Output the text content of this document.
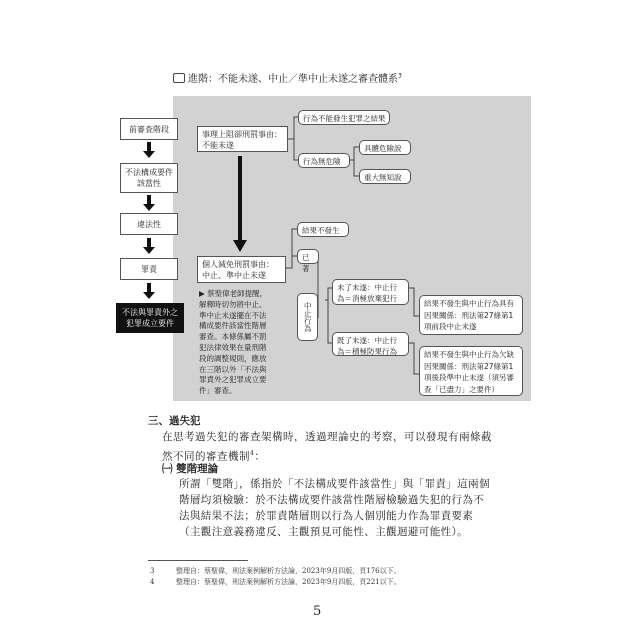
進階：不能未遂、中止／準中止未遂之審查體系$^3$
前審查階段
不法構成要件該當性
違法性
罪責
不法與罪責外之犯罪成立要件
事理上阻卻刑罰事由：不能未遂
行為不能發生犯罪之結果
行為無危險
具體危險說
重大無知說
個人減免刑罰事由：中止、準中止未遂
▶ 蔡聖偉老師提醒，解釋時切勿將中止、準中止未遂擺在不法構成要件該當性階層審查。本條係屬不罰犯法律效果在量刑階段的調整規則，應放在三階以外「不法與罪責外之犯罪成立要件」審查。
結果不發生
已著
中止行為
未了未遂：中止行為＝消極放棄犯行
既了未遂：中止行為＝積極防果行為
結果不發生與中止行為具有因果關係：刑法第27條第1項前段中止未遂
結果不發生與中止行為欠缺因果關係：刑法第27條第1項後段準中止未遂（須另審查「已盡力」之要件）
三、過失犯
在思考過失犯的審查架構時，透過理論史的考察，可以發現有兩條截然不同的審查機制$^4$：
㈠ 雙階理論
所謂「雙階」，係指於「不法構成要件該當性」與「罪責」這兩個階層均須檢驗：於不法構成要件該當性階層檢驗過失犯的行為不法與結果不法；於罪責階層則以行為人個別能力作為罪責要素（主觀注意義務違反、主觀預見可能性、主觀迴避可能性）。
3	整理自：蔡聖偉，刑法案例解析方法論，2023年9月四版，頁176以下。
4	整理自：蔡聖偉，刑法案例解析方法論，2023年9月四版，頁221以下。
5
